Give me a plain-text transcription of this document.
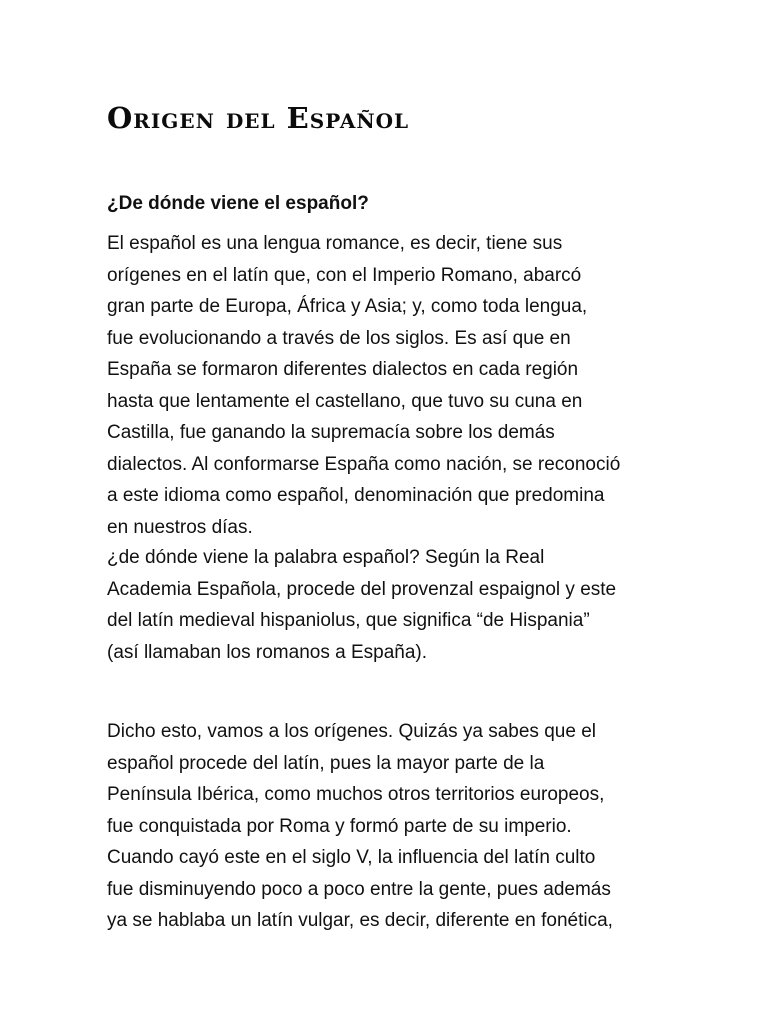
Origen del Español
¿De dónde viene el español?

El español es una lengua romance, es decir, tiene sus
orígenes en el latín que, con el Imperio Romano, abarcó
gran parte de Europa, África y Asia; y, como toda lengua,
fue evolucionando a través de los siglos. Es así que en
España se formaron diferentes dialectos en cada región
hasta que lentamente el castellano, que tuvo su cuna en
Castilla, fue ganando la supremacía sobre los demás
dialectos. Al conformarse España como nación, se reconoció
a este idioma como español, denominación que predomina
en nuestros días.

¿de dónde viene la palabra español? Según la Real
Academia Española, procede del provenzal espaignol y este
del latín medieval hispaniolus, que significa “de Hispania”
(así llamaban los romanos a España).

Dicho esto, vamos a los orígenes. Quizás ya sabes que el
español procede del latín, pues la mayor parte de la
Península Ibérica, como muchos otros territorios europeos,
fue conquistada por Roma y formó parte de su imperio.
Cuando cayó este en el siglo V, la influencia del latín culto
fue disminuyendo poco a poco entre la gente, pues además
ya se hablaba un latín vulgar, es decir, diferente en fonética,
